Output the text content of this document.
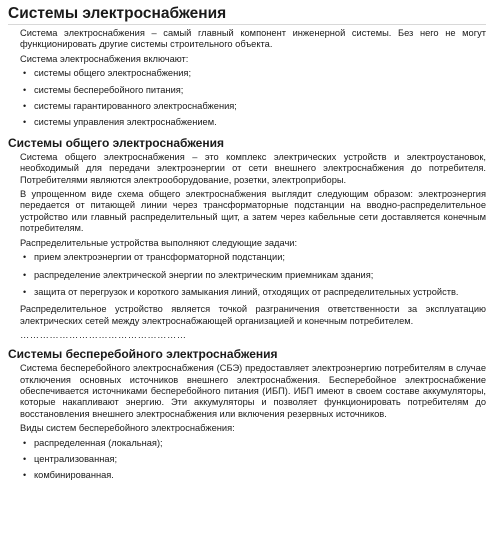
Системы электроснабжения
Система электроснабжения – самый главный компонент инженерной системы. Без него не могут функционировать другие системы строительного объекта.
Система электроснабжения включают:
• системы общего электроснабжения;
• системы бесперебойного питания;
• системы гарантированного электроснабжения;
• системы управления электроснабжением.
Системы общего электроснабжения
Система общего электроснабжения – это комплекс электрических устройств и электроустановок, необходимый для передачи электроэнергии от сети внешнего электроснабжения до потребителя. Потребителями являются электрооборудование, розетки, электроприборы.
В упрощенном виде схема общего электроснабжения выглядит следующим образом: электроэнергия передается от питающей линии через трансформаторные подстанции на вводно-распределительное устройство или главный распределительный щит, а затем через кабельные сети доставляется конечным потребителям.
Распределительные устройства выполняют следующие задачи:
• прием электроэнергии от трансформаторной подстанции;
• распределение электрической энергии по электрическим приемникам здания;
• защита от перегрузок и короткого замыкания линий, отходящих от распределительных устройств.
Распределительное устройство является точкой разграничения ответственности за эксплуатацию электрических сетей между электроснабжающей организацией и конечным потребителем.
……………………………………………
Системы бесперебойного электроснабжения
Система бесперебойного электроснабжения (СБЭ) предоставляет электроэнергию потребителям в случае отключения основных источников внешнего электроснабжения. Бесперебойное электроснабжение обеспечивается источниками бесперебойного питания (ИБП). ИБП имеют в своем составе аккумуляторы, которые накапливают энергию. Эти аккумуляторы и позволяет функционировать потребителям до восстановления внешнего электроснабжения или включения резервных источников.
Виды систем бесперебойного электроснабжения:
• распределенная (локальная);
• централизованная;
• комбинированная.
